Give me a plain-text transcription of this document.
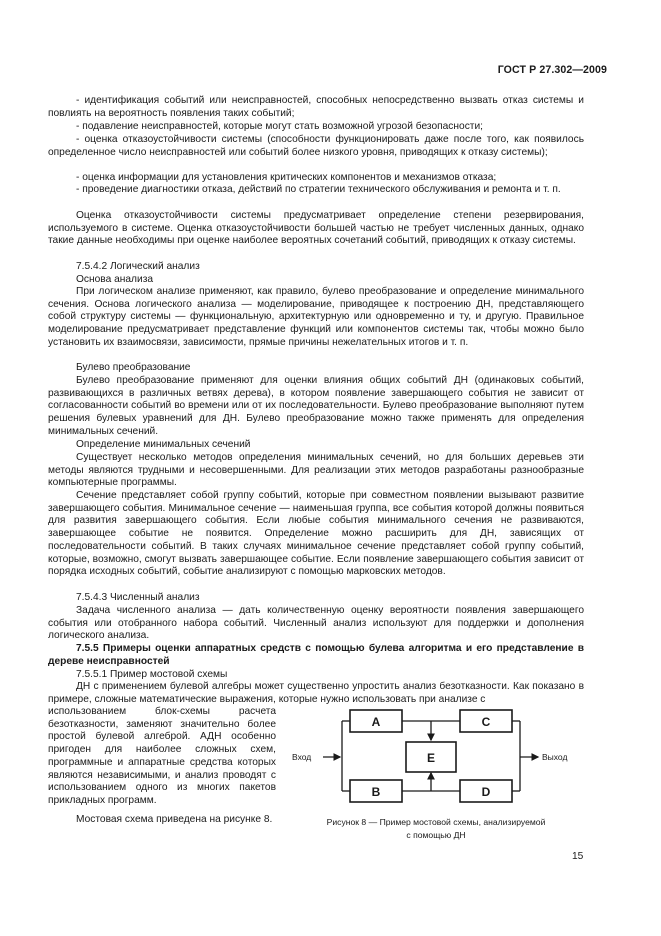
ГОСТ Р 27.302—2009

- идентификация событий или неисправностей, способных непосредственно вызвать отказ системы и повлиять на вероятность появления таких событий;

- подавление неисправностей, которые могут стать возможной угрозой безопасности;

- оценка отказоустойчивости системы (способности функционировать даже после того, как появилось определенное число неисправностей или событий более низкого уровня, приводящих к отказу системы);

- оценка информации для установления критических компонентов и механизмов отказа;

- проведение диагностики отказа, действий по стратегии технического обслуживания и ремонта и т. п.

Оценка отказоустойчивости системы предусматривает определение степени резервирования, используемого в системе. Оценка отказоустойчивости большей частью не требует численных данных, однако такие данные необходимы при оценке наиболее вероятных сочетаний событий, приводящих к отказу системы.

7.5.4.2 Логический анализ

Основа анализа

При логическом анализе применяют, как правило, булево преобразование и определение минимального сечения. Основа логического анализа — моделирование, приводящее к построению ДН, представляющего собой структуру системы — функциональную, архитектурную или одновременно и ту, и другую. Правильное моделирование предусматривает представление функций или компонентов системы так, чтобы можно было установить их взаимосвязи, зависимости, прямые причины нежелательных итогов и т. п.

Булево преобразование

Булево преобразование применяют для оценки влияния общих событий ДН (одинаковых событий, развивающихся в различных ветвях дерева), в котором появление завершающего события не зависит от согласованности событий во времени или от их последовательности. Булево преобразование выполняют путем решения булевых уравнений для ДН. Булево преобразование можно также применять для определения минимальных сечений.

Определение минимальных сечений

Существует несколько методов определения минимальных сечений, но для больших деревьев эти методы являются трудными и несовершенными. Для реализации этих методов разработаны разнообразные компьютерные программы.

Сечение представляет собой группу событий, которые при совместном появлении вызывают развитие завершающего события. Минимальное сечение — наименьшая группа, все события которой должны появиться для развития завершающего события. Если любые события минимального сечения не развиваются, завершающее событие не появится. Определение можно расширить для ДН, зависящих от последовательности событий. В таких случаях минимальное сечение представляет собой группу событий, которые, возможно, смогут вызвать завершающее событие. Если появление завершающего события зависит от порядка исходных событий, событие анализируют с помощью марковских методов.

7.5.4.3 Численный анализ

Задача численного анализа — дать количественную оценку вероятности появления завершающего события или отобранного набора событий. Численный анализ используют для поддержки и дополнения логического анализа.

7.5.5 Примеры оценки аппаратных средств с помощью булева алгоритма и его представление в дереве неисправностей

7.5.5.1 Пример мостовой схемы

ДН с применением булевой алгебры может существенно упростить анализ безотказности. Как показано в примере, сложные математические выражения, которые нужно использовать при анализе с

использованием блок-схемы расчета безотказности, заменяют значительно более простой булевой алгеброй. АДН особенно пригоден для наиболее сложных схем, программные и аппаратные средства которых являются независимыми, и анализ проводят с использованием одного из многих пакетов прикладных программ.

Мостовая схема приведена на рисунке 8.

A	C
E
B	D
Вход	Выход
Рисунок 8 — Пример мостовой схемы, анализируемой
с помощью ДН
15
